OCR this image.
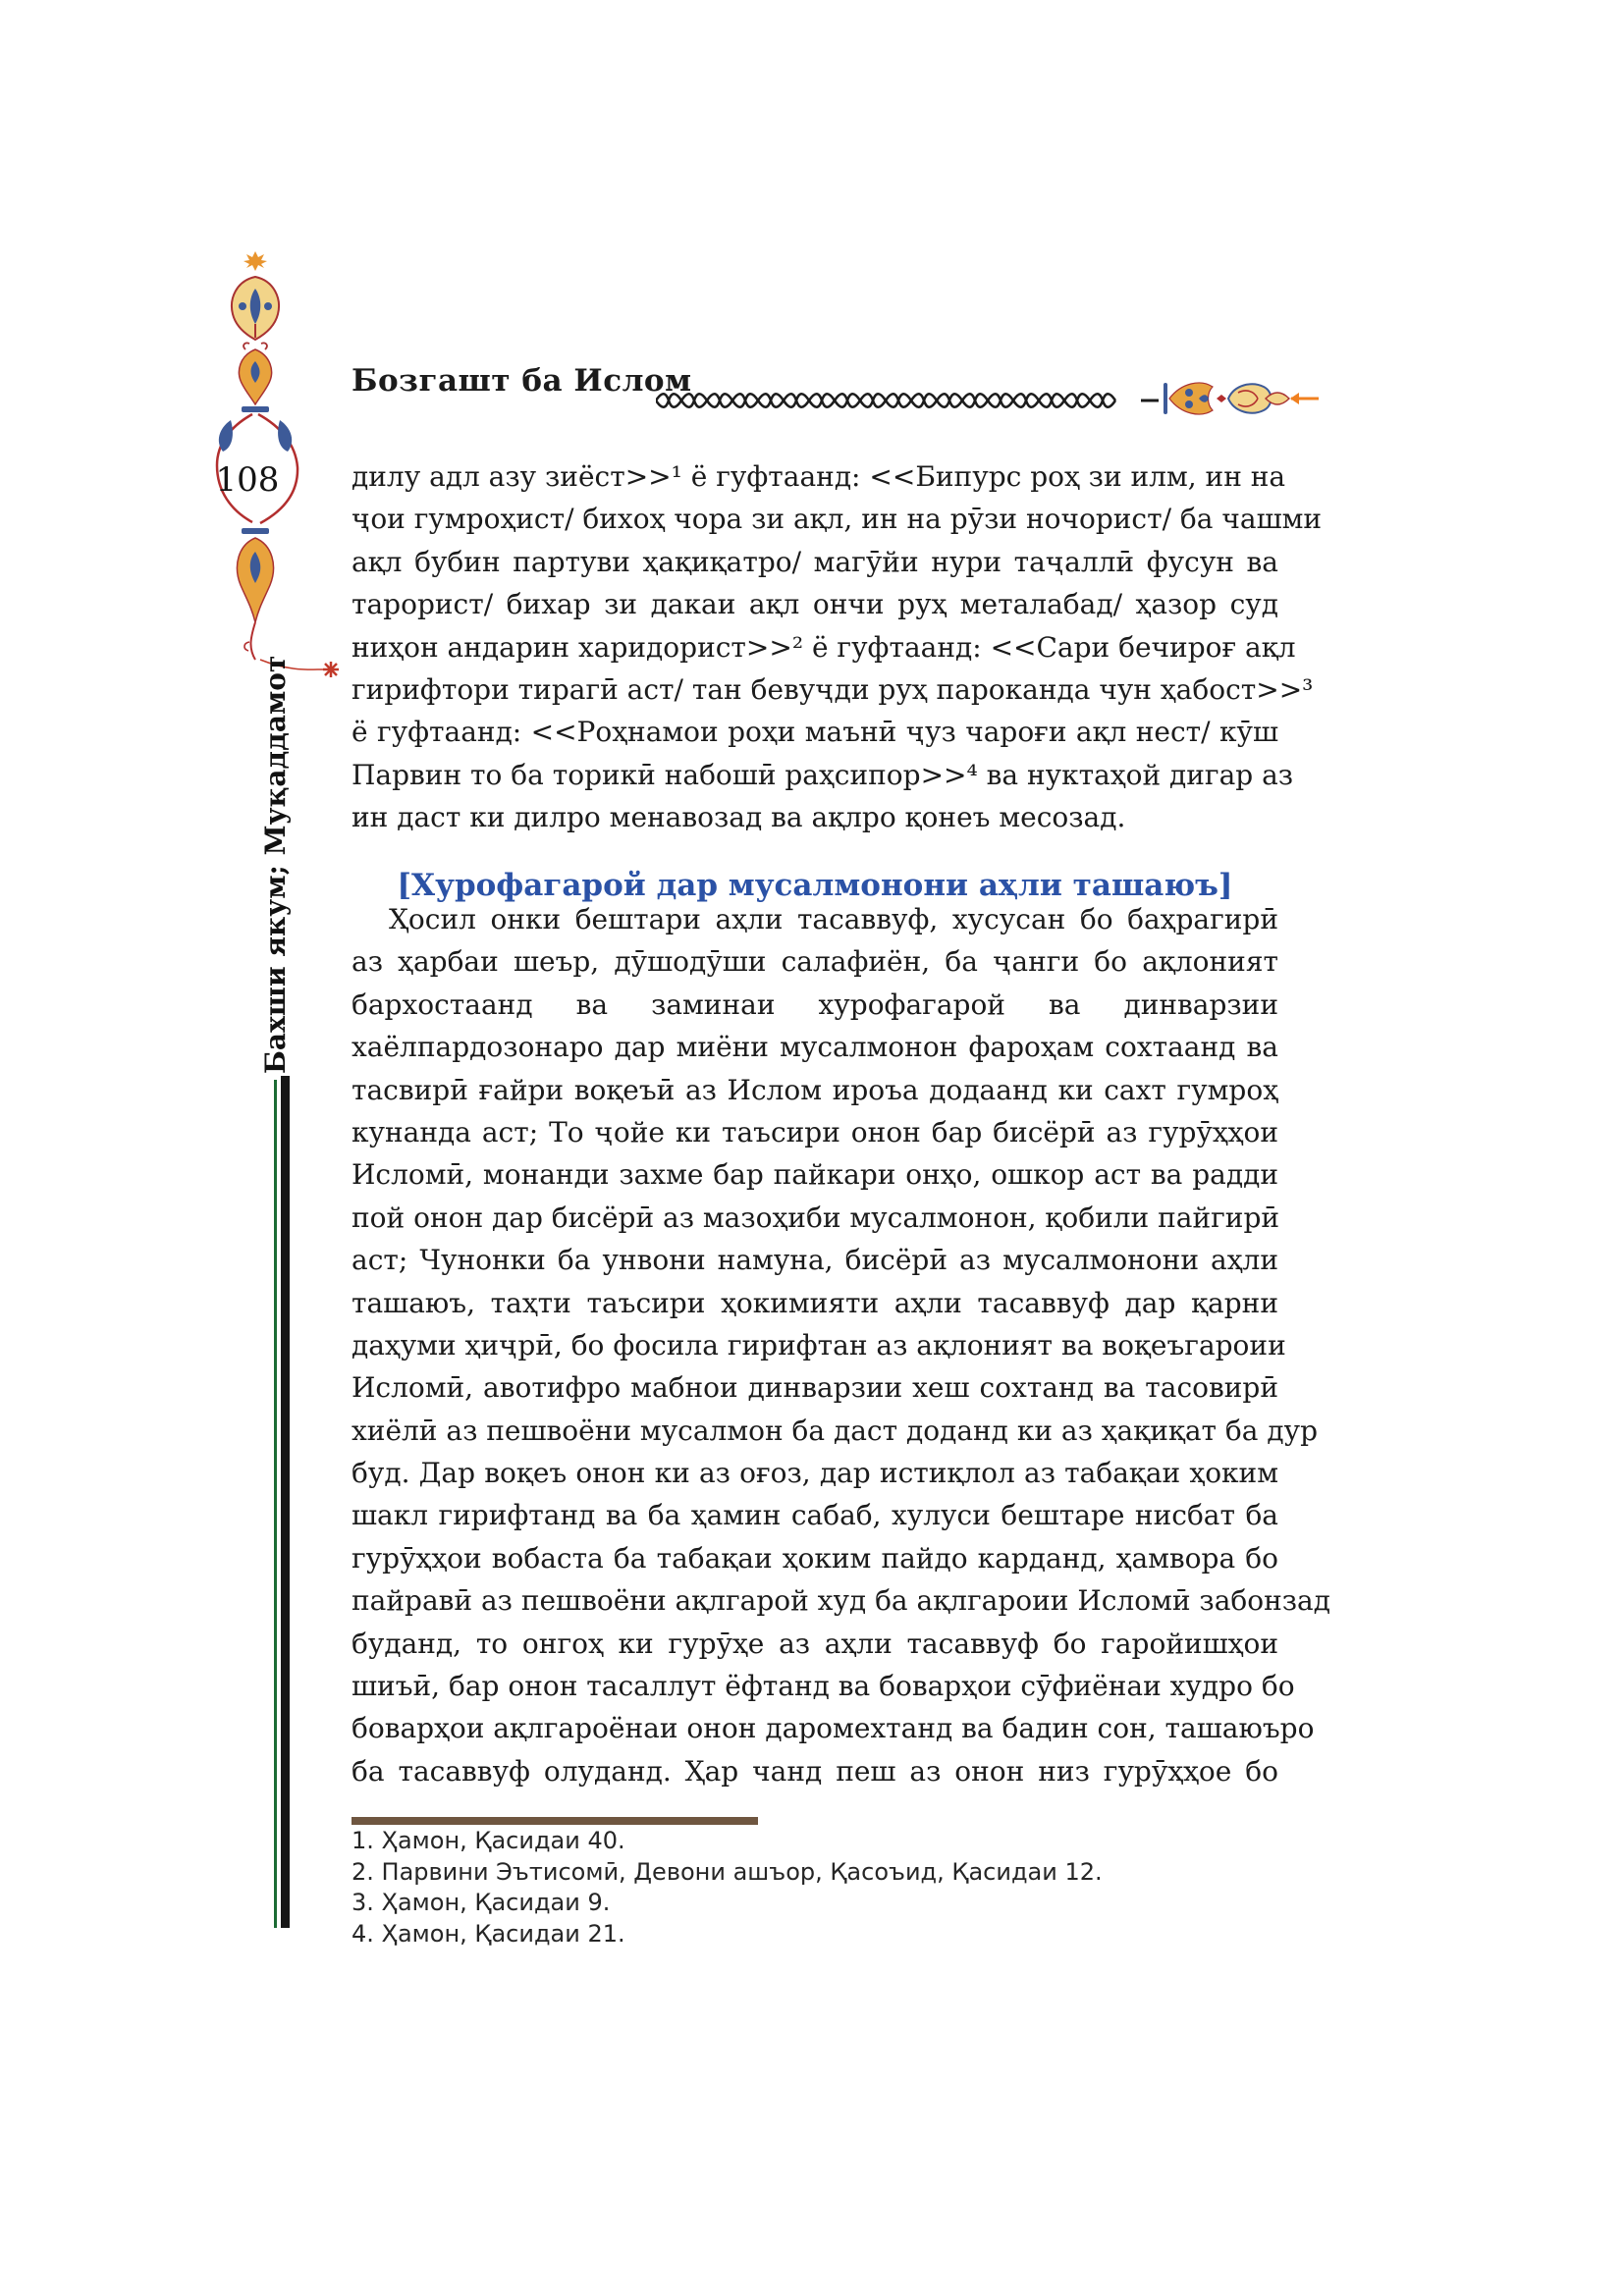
108
Бахши якум; Муқаддамот
Бозгашт ба Ислом
дилу адл азу зиёст>>¹ ё гуфтаанд: <<Бипурс роҳ зи илм, ин на
ҷои гумроҳист/ бихоҳ чора зи ақл, ин на рӯзи ночорист/ ба чашми
ақл бубин партуви ҳақиқатро/ магӯйи нури таҷаллӣ фусун ва
тарорист/ бихар зи дакаи ақл ончи руҳ металабад/ ҳазор суд
ниҳон андарин харидорист>>² ё гуфтаанд: <<Сари бечироғ ақл
гирифтори тирагӣ аст/ тан бевуҷди руҳ пароканда чун ҳабост>>³
ё гуфтаанд: <<Роҳнамои роҳи маънӣ ҷуз чароғи ақл нест/ кӯш
Парвин то ба торикӣ набошӣ раҳсипор>>⁴ ва нуктаҳой дигар аз
ин даст ки дилро менавозад ва ақлро қонеъ месозад.
[Хурофагарой дар мусалмонони аҳли ташаюъ]
Ҳосил онки бештари аҳли тасаввуф, хусусан бо баҳрагирӣ
аз ҳарбаи шеър, дӯшодӯши салафиён, ба ҷанги бо ақлоният
бархостаанд ва заминаи хурофагарой ва динварзии
хаёлпардозонаро дар миёни мусалмонон фароҳам сохтаанд ва
тасвирӣ ғайри воқеъӣ аз Ислом ироъа додаанд ки сахт гумроҳ
кунанда аст; То ҷойе ки таъсири онон бар бисёрӣ аз гурӯҳҳои
Исломӣ, монанди захме бар пайкари онҳо, ошкор аст ва радди
пой онон дар бисёрӣ аз мазоҳиби мусалмонон, қобили пайгирӣ
аст; Чунонки ба унвони намуна, бисёрӣ аз мусалмонони аҳли
ташаюъ, таҳти таъсири ҳокимияти аҳли тасаввуф дар қарни
даҳуми ҳиҷрӣ, бо фосила гирифтан аз ақлоният ва воқеъгароии
Исломӣ, авотифро мабнои динварзии хеш сохтанд ва тасовирӣ
хиёлӣ аз пешвоёни мусалмон ба даст доданд ки аз ҳақиқат ба дур
буд. Дар воқеъ онон ки аз оғоз, дар истиқлол аз табақаи ҳоким
шакл гирифтанд ва ба ҳамин сабаб, хулуси бештаре нисбат ба
гурӯҳҳои вобаста ба табақаи ҳоким пайдо карданд, ҳамвора бо
пайравӣ аз пешвоёни ақлгарой худ ба ақлгароии Исломӣ забонзад
буданд, то онгоҳ ки гурӯҳе аз аҳли тасаввуф бо гаройишҳои
шиъӣ, бар онон тасаллут ёфтанд ва боварҳои сӯфиёнаи худро бо
боварҳои ақлгароёнаи онон даромехтанд ва бадин сон, ташаюъро
ба тасаввуф олуданд. Ҳар чанд пеш аз онон низ гурӯҳҳое бо
1. Ҳамон, Қасидаи 40.
2. Парвини Эътисомӣ, Девони ашъор, Қасоъид, Қасидаи 12.
3. Ҳамон, Қасидаи 9.
4. Ҳамон, Қасидаи 21.
